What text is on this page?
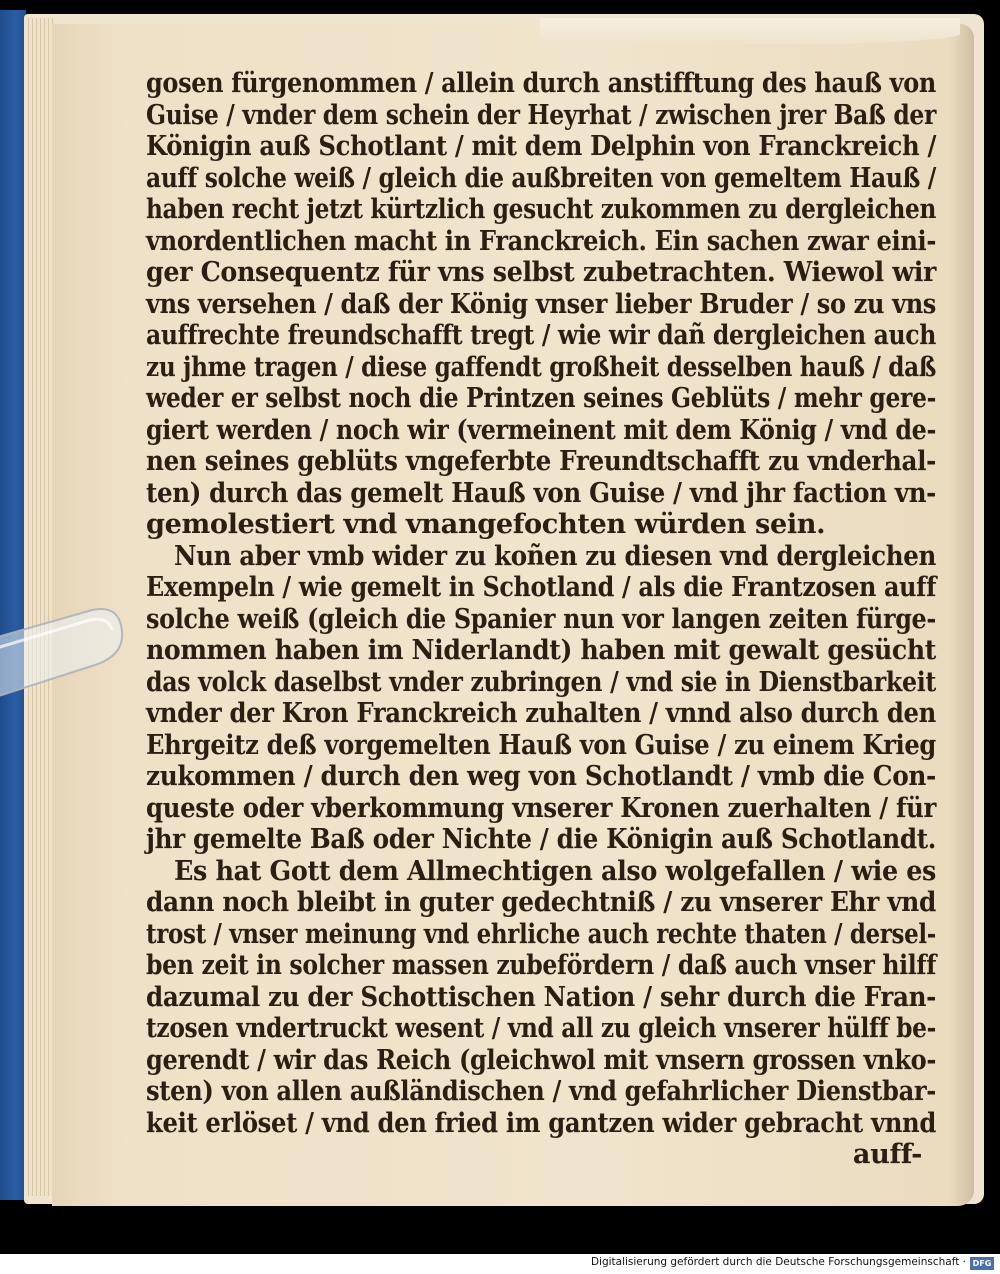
gosen fürgenommen / allein durch anstifftung des hauß von
Guise / vnder dem schein der Heyrhat / zwischen jrer Baß der
Königin auß Schotlant / mit dem Delphin von Franckreich /
auff solche weiß / gleich die außbreiten von gemeltem Hauß /
haben recht jetzt kürtzlich gesucht zukommen zu dergleichen
vnordentlichen macht in Franckreich. Ein sachen zwar eini-
ger Consequentz für vns selbst zubetrachten. Wiewol wir
vns versehen / daß der König vnser lieber Bruder / so zu vns
auffrechte freundschafft tregt / wie wir dañ dergleichen auch
zu jhme tragen / diese gaffendt großheit desselben hauß / daß
weder er selbst noch die Printzen seines Geblüts / mehr gere-
giert werden / noch wir (vermeinent mit dem König / vnd de-
nen seines geblüts vngeferbte Freundtschafft zu vnderhal-
ten) durch das gemelt Hauß von Guise / vnd jhr faction vn-
gemolestiert vnd vnangefochten würden sein.
Nun aber vmb wider zu koñen zu diesen vnd dergleichen
Exempeln / wie gemelt in Schotland / als die Frantzosen auff
solche weiß (gleich die Spanier nun vor langen zeiten fürge-
nommen haben im Niderlandt) haben mit gewalt gesücht
das volck daselbst vnder zubringen / vnd sie in Dienstbarkeit
vnder der Kron Franckreich zuhalten / vnnd also durch den
Ehrgeitz deß vorgemelten Hauß von Guise / zu einem Krieg
zukommen / durch den weg von Schotlandt / vmb die Con-
queste oder vberkommung vnserer Kronen zuerhalten / für
jhr gemelte Baß oder Nichte / die Königin auß Schotlandt.
Es hat Gott dem Allmechtigen also wolgefallen / wie es
dann noch bleibt in guter gedechtniß / zu vnserer Ehr vnd
trost / vnser meinung vnd ehrliche auch rechte thaten / dersel-
ben zeit in solcher massen zubefördern / daß auch vnser hilff
dazumal zu der Schottischen Nation / sehr durch die Fran-
tzosen vndertruckt wesent / vnd all zu gleich vnserer hülff be-
gerendt / wir das Reich (gleichwol mit vnsern grossen vnko-
sten) von allen außländischen / vnd gefahrlicher Dienstbar-
keit erlöset / vnd den fried im gantzen wider gebracht vnnd
auff-
Digitalisierung gefördert durch die Deutsche Forschungsgemeinschaft · DFG
